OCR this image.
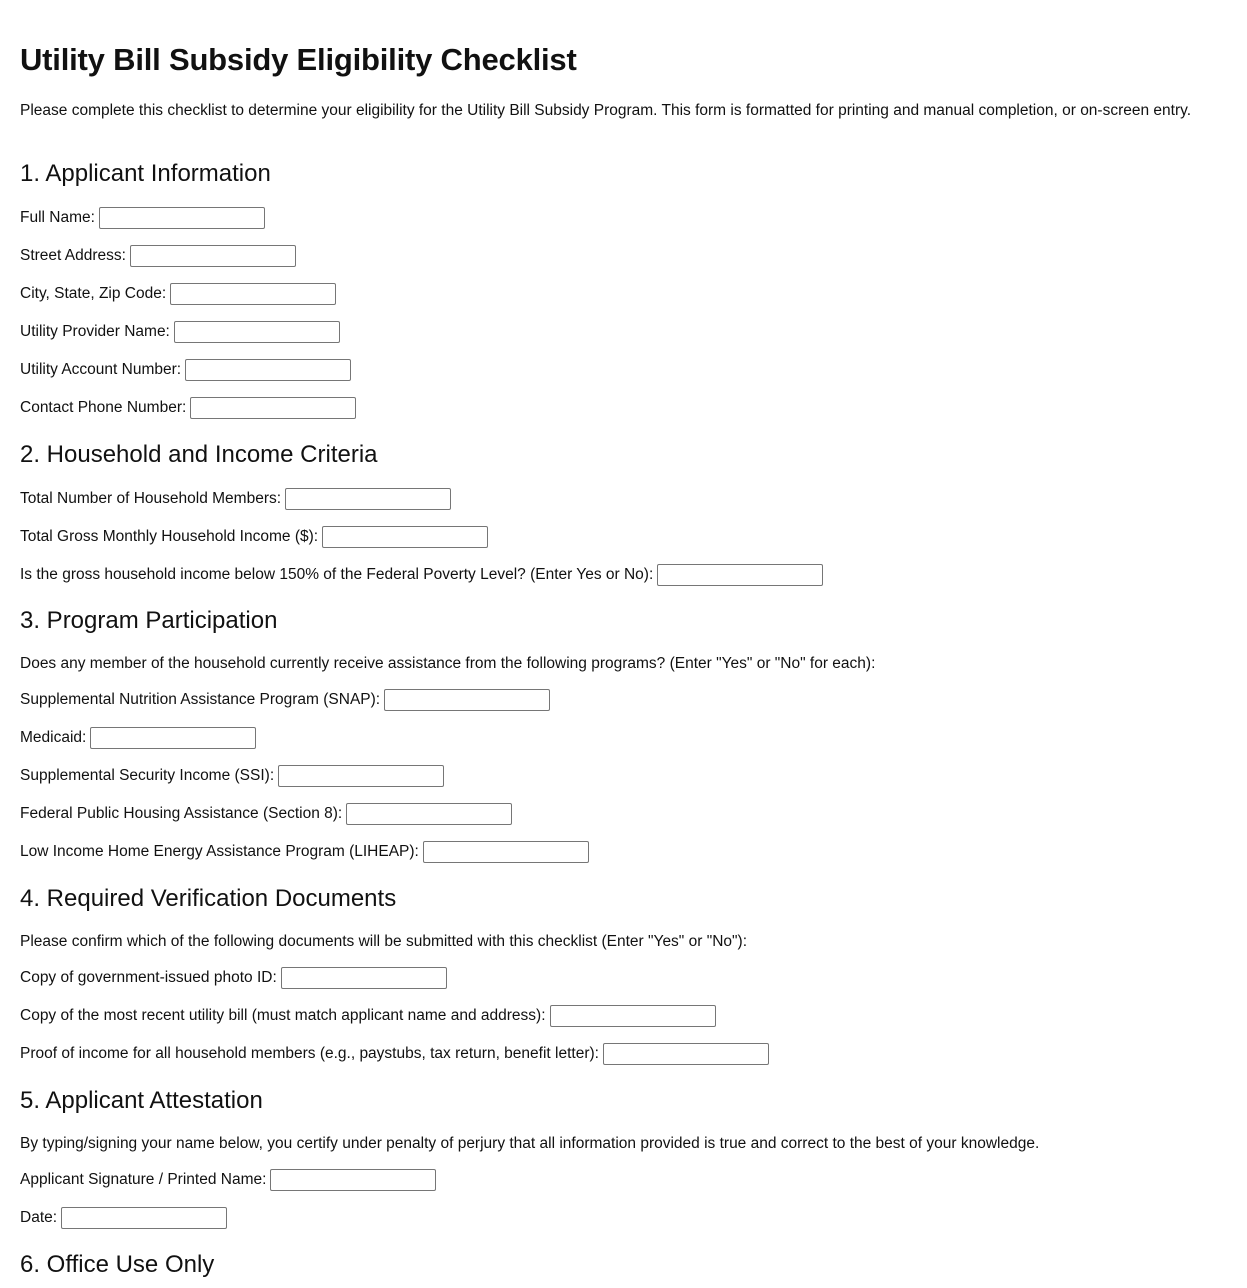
Utility Bill Subsidy Eligibility Checklist

Please complete this checklist to determine your eligibility for the Utility Bill Subsidy Program. This form is formatted for printing and manual completion, or on-screen entry.

1. Applicant Information
Full Name:
Street Address:
City, State, Zip Code:
Utility Provider Name:
Utility Account Number:
Contact Phone Number:
2. Household and Income Criteria
Total Number of Household Members:
Total Gross Monthly Household Income ($):
Is the gross household income below 150% of the Federal Poverty Level? (Enter Yes or No):
3. Program Participation

Does any member of the household currently receive assistance from the following programs? (Enter "Yes" or "No" for each):

Supplemental Nutrition Assistance Program (SNAP):
Medicaid:
Supplemental Security Income (SSI):
Federal Public Housing Assistance (Section 8):
Low Income Home Energy Assistance Program (LIHEAP):
4. Required Verification Documents

Please confirm which of the following documents will be submitted with this checklist (Enter "Yes" or "No"):

Copy of government-issued photo ID:
Copy of the most recent utility bill (must match applicant name and address):
Proof of income for all household members (e.g., paystubs, tax return, benefit letter):
5. Applicant Attestation

By typing/signing your name below, you certify under penalty of perjury that all information provided is true and correct to the best of your knowledge.

Applicant Signature / Printed Name:
Date:
6. Office Use Only
